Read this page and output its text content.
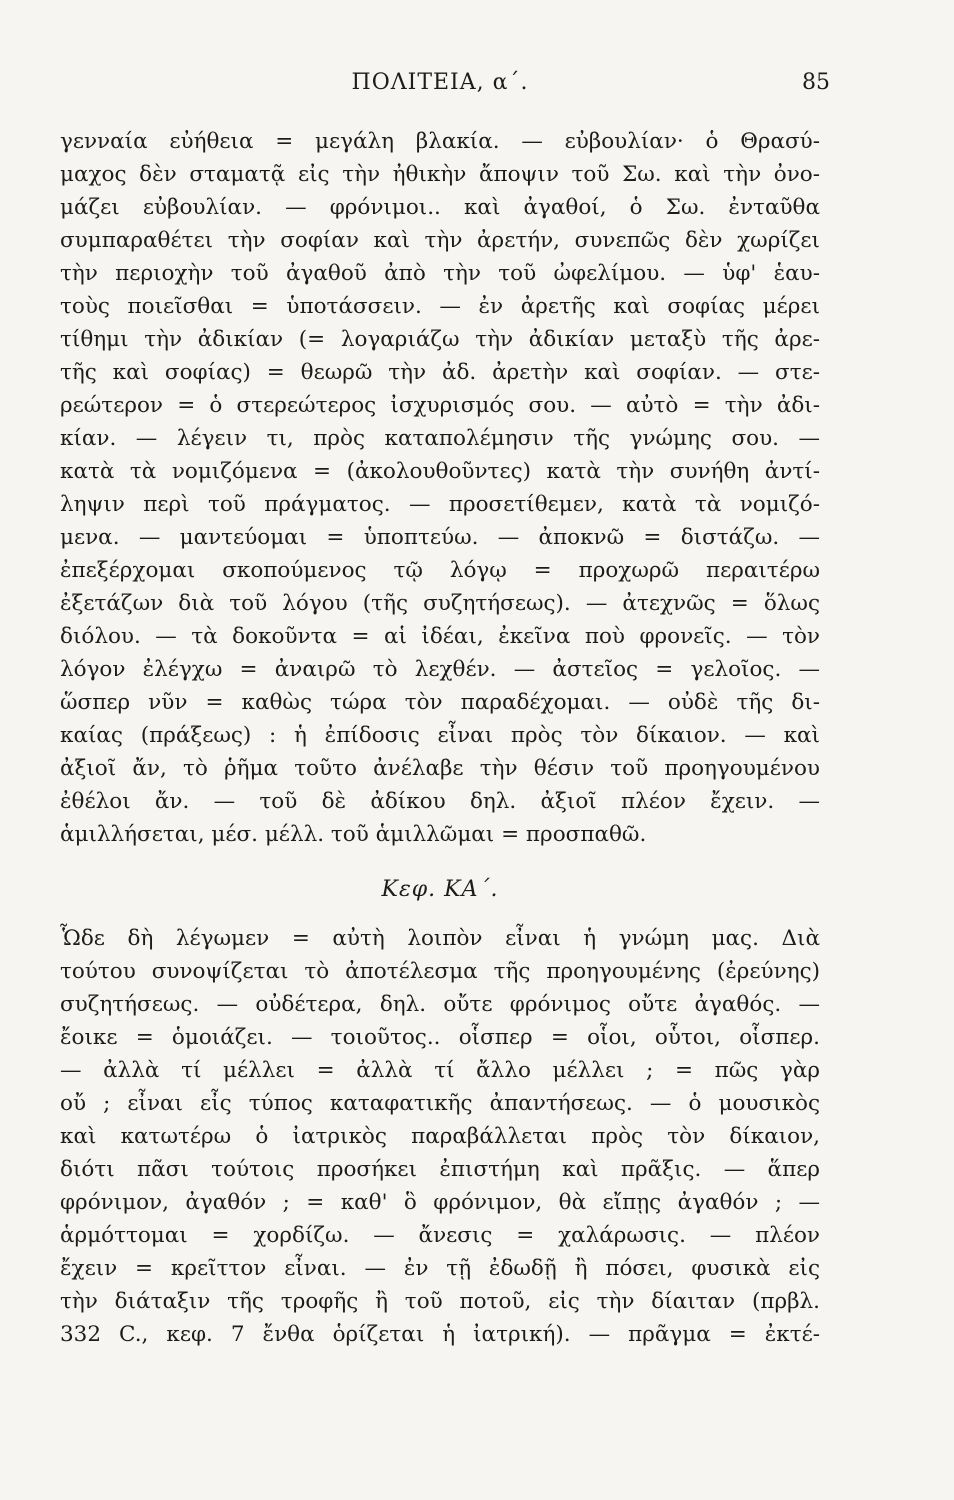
ΠΟΛΙΤΕΙΑ, α΄.	85
γενναία εὐήθεια = μεγάλη βλακία. — εὐβουλίαν· ὁ Θρασύ-
μαχος δὲν σταματᾷ εἰς τὴν ἠθικὴν ἄποψιν τοῦ Σω. καὶ τὴν ὀνο-
μάζει εὐβουλίαν. — φρόνιμοι.. καὶ ἀγαθοί, ὁ Σω. ἐνταῦθα
συμπαραθέτει τὴν σοφίαν καὶ τὴν ἀρετήν, συνεπῶς δὲν χωρίζει
τὴν περιοχὴν τοῦ ἀγαθοῦ ἀπὸ τὴν τοῦ ὠφελίμου. — ὑφ' ἑαυ-
τοὺς ποιεῖσθαι = ὑποτάσσειν. — ἐν ἀρετῆς καὶ σοφίας μέρει
τίθημι τὴν ἀδικίαν (= λογαριάζω τὴν ἀδικίαν μεταξὺ τῆς ἀρε-
τῆς καὶ σοφίας) = θεωρῶ τὴν ἀδ. ἀρετὴν καὶ σοφίαν. — στε-
ρεώτερον = ὁ στερεώτερος ἰσχυρισμός σου. — αὐτὸ = τὴν ἀδι-
κίαν. — λέγειν τι, πρὸς καταπολέμησιν τῆς γνώμης σου. —
κατὰ τὰ νομιζόμενα = (ἀκολουθοῦντες) κατὰ τὴν συνήθη ἀντί-
ληψιν περὶ τοῦ πράγματος. — προσετίθεμεν, κατὰ τὰ νομιζό-
μενα. — μαντεύομαι = ὑποπτεύω. — ἀποκνῶ = διστάζω. —
ἐπεξέρχομαι σκοπούμενος τῷ λόγῳ = προχωρῶ περαιτέρω
ἐξετάζων διὰ τοῦ λόγου (τῆς συζητήσεως). — ἀτεχνῶς = ὅλως
διόλου. — τὰ δοκοῦντα = αἱ ἰδέαι, ἐκεῖνα ποὺ φρονεῖς. — τὸν
λόγον ἐλέγχω = ἀναιρῶ τὸ λεχθέν. — ἀστεῖος = γελοῖος. —
ὥσπερ νῦν = καθὼς τώρα τὸν παραδέχομαι. — οὐδὲ τῆς δι-
καίας (πράξεως) : ἡ ἐπίδοσις εἶναι πρὸς τὸν δίκαιον. — καὶ
ἀξιοῖ ἄν, τὸ ῥῆμα τοῦτο ἀνέλαβε τὴν θέσιν τοῦ προηγουμένου
ἐθέλοι ἄν. — τοῦ δὲ ἀδίκου δηλ. ἀξιοῖ πλέον ἔχειν. —
ἁμιλλήσεται, μέσ. μέλλ. τοῦ ἁμιλλῶμαι = προσπαθῶ.
Κεφ. ΚΑ΄.
Ὧδε δὴ λέγωμεν = αὐτὴ λοιπὸν εἶναι ἡ γνώμη μας. Διὰ
τούτου συνοψίζεται τὸ ἀποτέλεσμα τῆς προηγουμένης (ἐρεύνης)
συζητήσεως. — οὐδέτερα, δηλ. οὔτε φρόνιμος οὔτε ἀγαθός. —
ἔοικε = ὁμοιάζει. — τοιοῦτος.. οἷσπερ = οἷοι, οὗτοι, οἷσπερ.
— ἀλλὰ τί μέλλει = ἀλλὰ τί ἄλλο μέλλει ; = πῶς γὰρ
οὔ ; εἶναι εἶς τύπος καταφατικῆς ἀπαντήσεως. — ὁ μουσικὸς
καὶ κατωτέρω ὁ ἰατρικὸς παραβάλλεται πρὸς τὸν δίκαιον,
διότι πᾶσι τούτοις προσήκει ἐπιστήμη καὶ πρᾶξις. — ἅπερ
φρόνιμον, ἀγαθόν ; = καθ' ὃ φρόνιμον, θὰ εἴπῃς ἀγαθόν ; —
ἁρμόττομαι = χορδίζω. — ἄνεσις = χαλάρωσις. — πλέον
ἔχειν = κρεῖττον εἶναι. — ἐν τῇ ἐδωδῇ ἢ πόσει, φυσικὰ εἰς
τὴν διάταξιν τῆς τροφῆς ἢ τοῦ ποτοῦ, εἰς τὴν δίαιταν (πρβλ.
332 C., κεφ. 7 ἔνθα ὁρίζεται ἡ ἰατρική). — πρᾶγμα = ἐκτέ-
